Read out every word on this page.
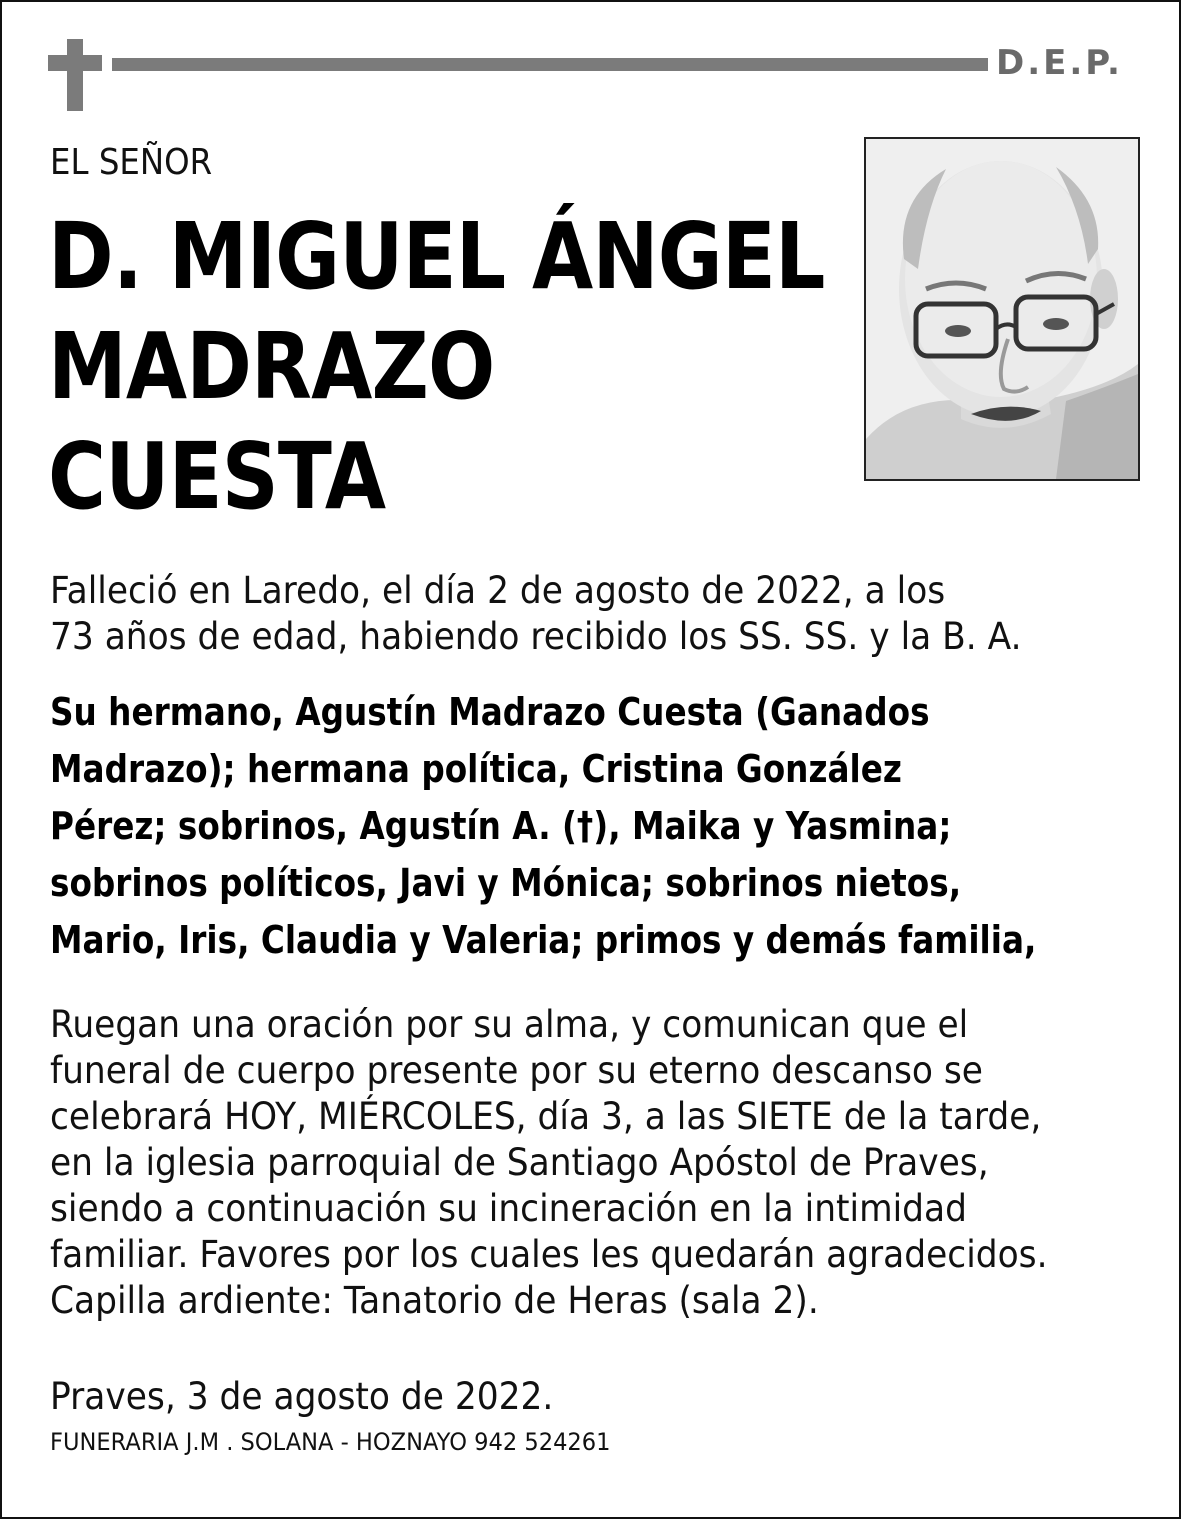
D.E.P.
EL SEÑOR
D. MIGUEL ÁNGEL
MADRAZO
CUESTA
Falleció en Laredo, el día 2 de agosto de 2022, a los
73 años de edad, habiendo recibido los SS. SS. y la B. A.
Su hermano, Agustín Madrazo Cuesta (Ganados
Madrazo); hermana política, Cristina González
Pérez; sobrinos, Agustín A. (†), Maika y Yasmina;
sobrinos políticos, Javi y Mónica; sobrinos nietos,
Mario, Iris, Claudia y Valeria; primos y demás familia,
Ruegan una oración por su alma, y comunican que el
funeral de cuerpo presente por su eterno descanso se
celebrará HOY, MIÉRCOLES, día 3, a las SIETE de la tarde,
en la iglesia parroquial de Santiago Apóstol de Praves,
siendo a continuación su incineración en la intimidad
familiar. Favores por los cuales les quedarán agradecidos.
Capilla ardiente: Tanatorio de Heras (sala 2).
Praves, 3 de agosto de 2022.
FUNERARIA J.M . SOLANA - HOZNAYO 942 524261
